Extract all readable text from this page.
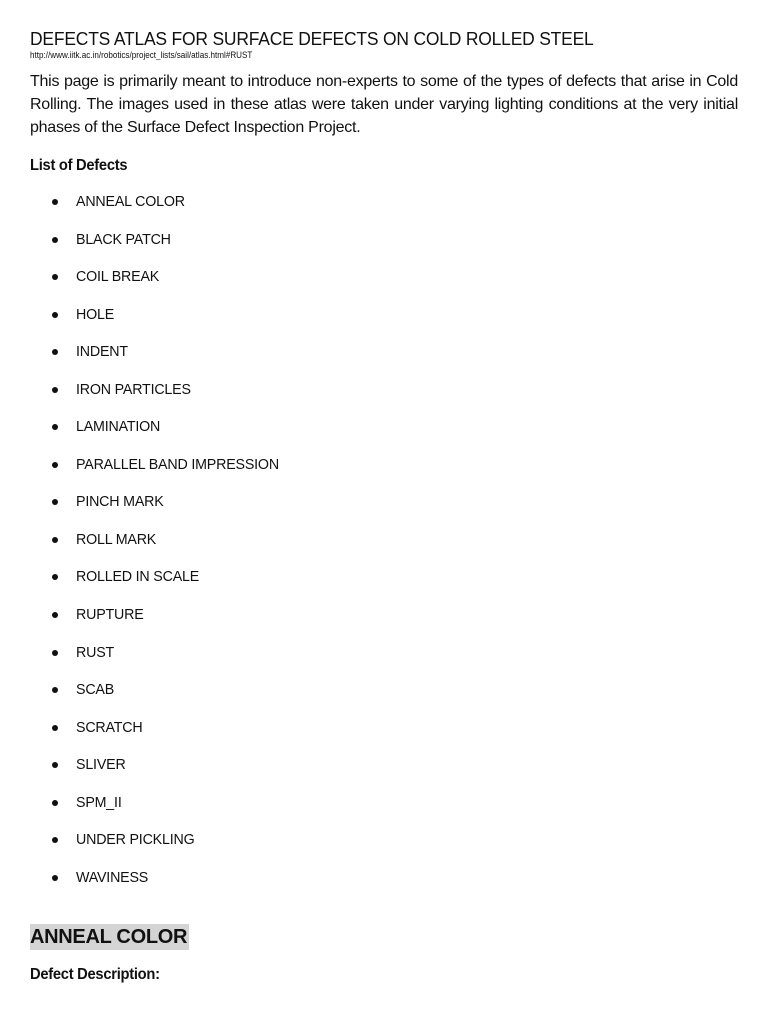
DEFECTS ATLAS FOR SURFACE DEFECTS ON COLD ROLLED STEEL
http://www.iitk.ac.in/robotics/project_lists/sail/atlas.html#RUST

This page is primarily meant to introduce non-experts to some of the types of defects that arise in Cold Rolling. The images used in these atlas were taken under varying lighting conditions at the very initial phases of the Surface Defect Inspection Project.

List of Defects
ANNEAL COLOR
BLACK PATCH
COIL BREAK
HOLE
INDENT
IRON PARTICLES
LAMINATION
PARALLEL BAND IMPRESSION
PINCH MARK
ROLL MARK
ROLLED IN SCALE
RUPTURE
RUST
SCAB
SCRATCH
SLIVER
SPM_II
UNDER PICKLING
WAVINESS
ANNEAL COLOR
Defect Description:
